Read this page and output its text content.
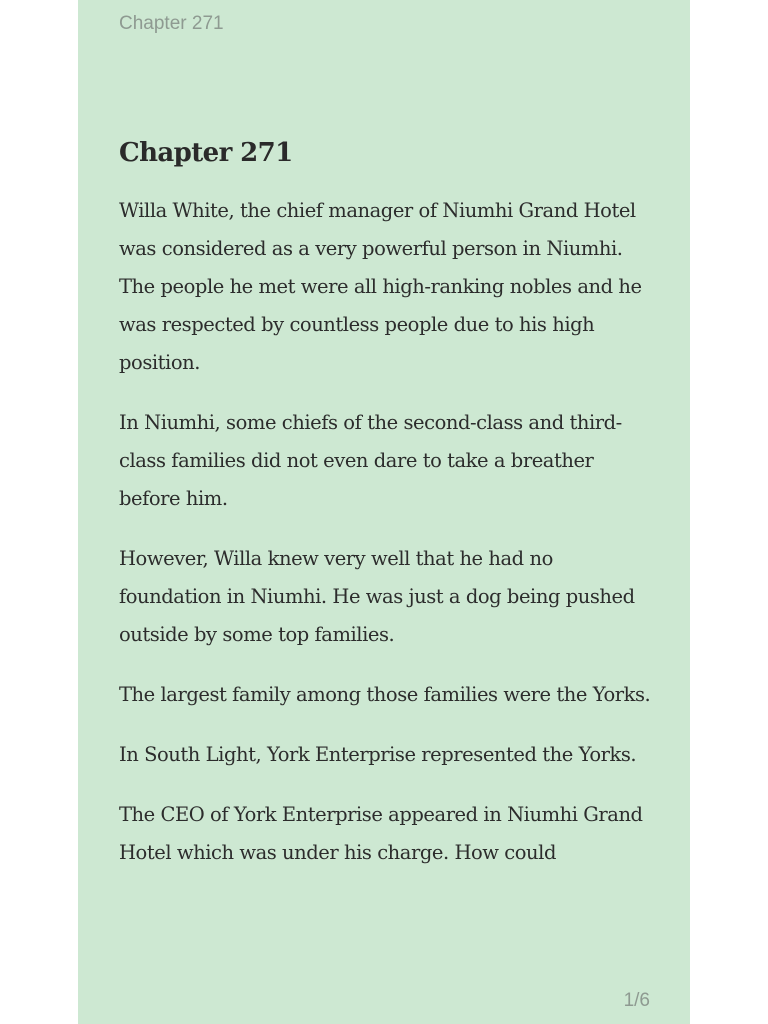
Chapter 271
Chapter 271

Willa White, the chief manager of Niumhi Grand Hotel was considered as a very powerful person in Niumhi. The people he met were all high-ranking nobles and he was respected by countless people due to his high position.

In Niumhi, some chiefs of the second-class and third-class families did not even dare to take a breather before him.

However, Willa knew very well that he had no foundation in Niumhi. He was just a dog being pushed outside by some top families.

The largest family among those families were the Yorks.

In South Light, York Enterprise represented the Yorks.

The CEO of York Enterprise appeared in Niumhi Grand Hotel which was under his charge. How could

1/6
